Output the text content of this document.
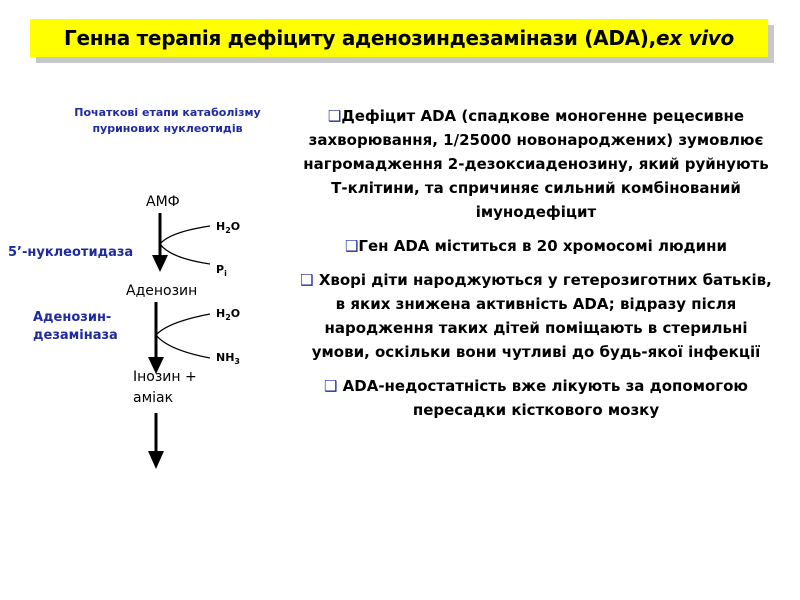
Генна терапія дефіциту аденозиндезамінази (ADA), ex vivo
Початкові етапи катаболізму
пуринових нуклеотидів
АМФ
$H_2O$
5’-нуклеотидаза
$P_i$
Аденозин
Аденозин-
дезаміназа
$H_2O$
$NH_3$
Інозин +
аміак

❑Дефіцит ADA (спадкове моногенне рецесивне захворювання, 1/25000 новонароджених) зумовлює нагромадження 2-дезоксиаденозину, який руйнують Т-клітини, та спричиняє сильний комбінований імунодефіцит

❑Ген ADA міститься в 20 хромосомі людини

❑ Хворі діти народжуються у гетерозиготних батьків, в яких знижена активність ADA; відразу після народження таких дітей поміщають в стерильні умови, оскільки вони чутливі до будь-якої інфекції

❑ ADA-недостатність вже лікують за допомогою пересадки кісткового мозку
